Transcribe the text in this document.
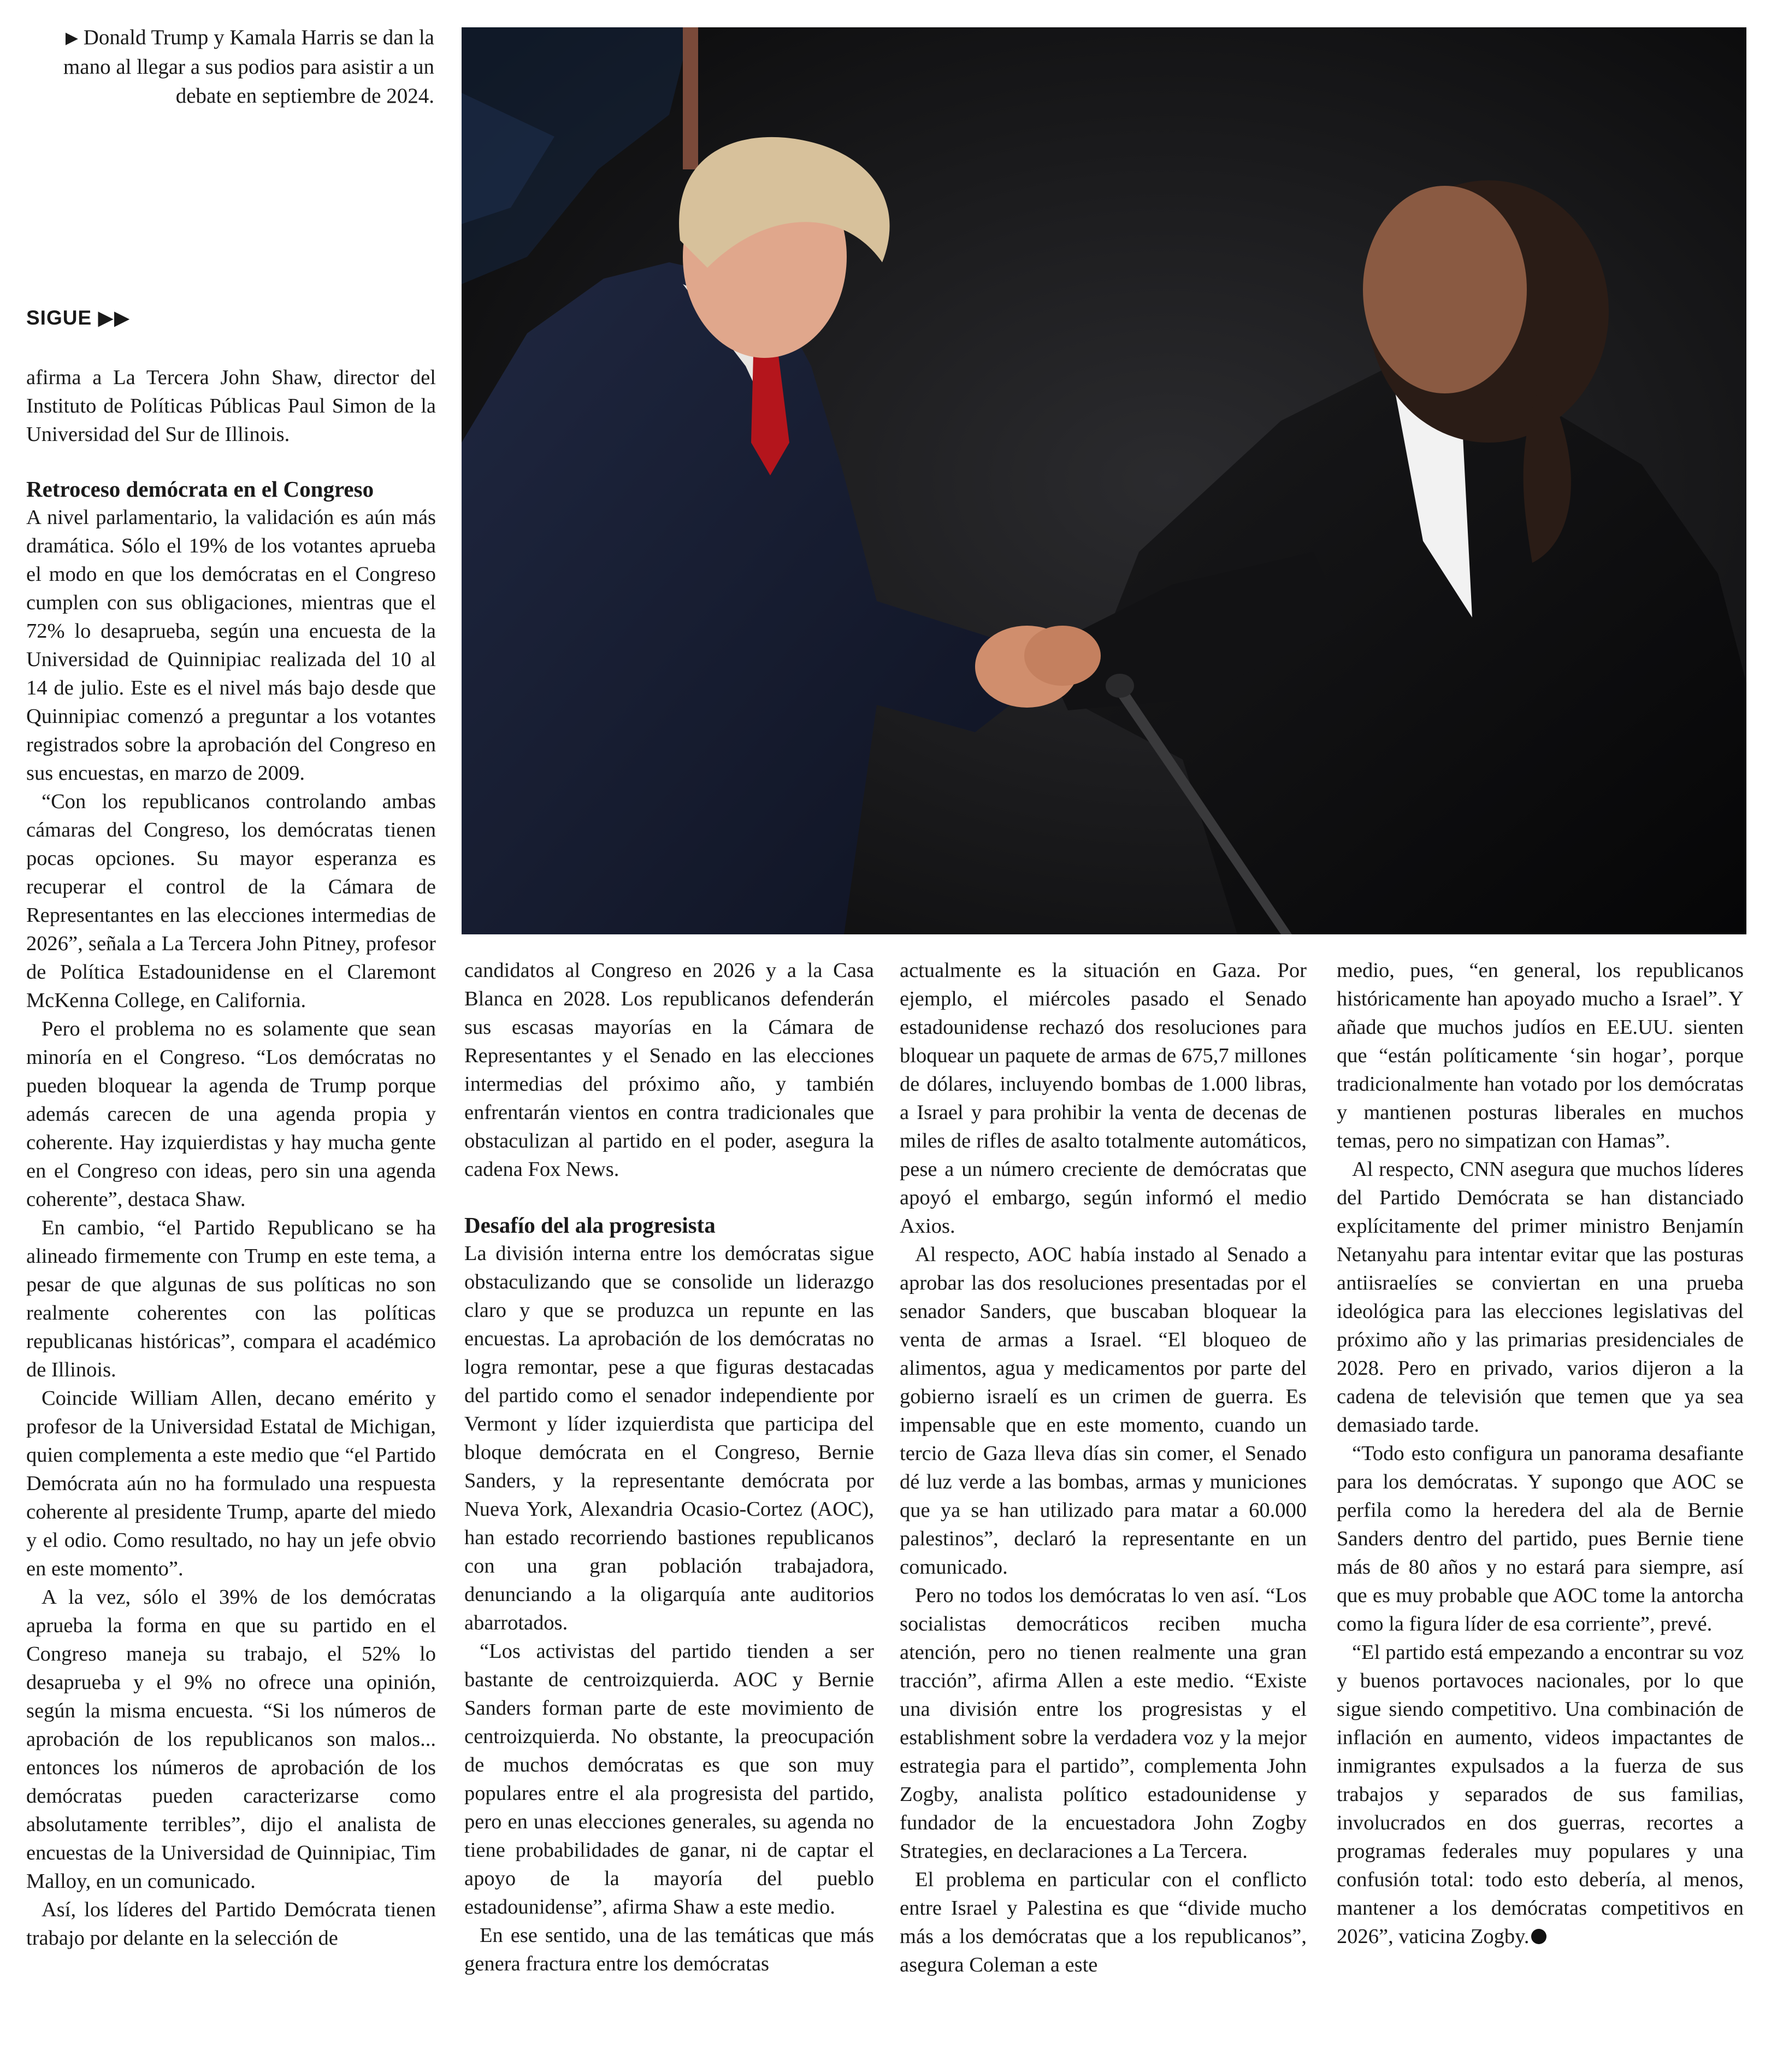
▶ Donald Trump y Kamala Harris se dan la mano al llegar a sus podios para asistir a un debate en septiembre de 2024.
SIGUE ▶▶

afirma a La Tercera John Shaw, director del Instituto de Políticas Públicas Paul Simon de la Universidad del Sur de Illinois.

Retroceso demócrata en el Congreso

A nivel parlamentario, la validación es aún más dramática. Sólo el 19% de los votantes aprueba el modo en que los demócratas en el Congreso cumplen con sus obligaciones, mientras que el 72% lo desaprueba, según una encuesta de la Universidad de Quinnipiac realizada del 10 al 14 de julio. Este es el nivel más bajo desde que Quinnipiac comenzó a preguntar a los votantes registrados sobre la aprobación del Congreso en sus encuestas, en marzo de 2009.

“Con los republicanos controlando ambas cámaras del Congreso, los demócratas tienen pocas opciones. Su mayor esperanza es recuperar el control de la Cámara de Representantes en las elecciones intermedias de 2026”, señala a La Tercera John Pitney, profesor de Política Estadounidense en el Claremont McKenna College, en California.

Pero el problema no es solamente que sean minoría en el Congreso. “Los demócratas no pueden bloquear la agenda de Trump porque además carecen de una agenda propia y coherente. Hay izquierdistas y hay mucha gente en el Congreso con ideas, pero sin una agenda coherente”, destaca Shaw.

En cambio, “el Partido Republicano se ha alineado firmemente con Trump en este tema, a pesar de que algunas de sus políticas no son realmente coherentes con las políticas republicanas históricas”, compara el académico de Illinois.

Coincide William Allen, decano emérito y profesor de la Universidad Estatal de Michigan, quien complementa a este medio que “el Partido Demócrata aún no ha formulado una respuesta coherente al presidente Trump, aparte del miedo y el odio. Como resultado, no hay un jefe obvio en este momento”.

A la vez, sólo el 39% de los demócratas aprueba la forma en que su partido en el Congreso maneja su trabajo, el 52% lo desaprueba y el 9% no ofrece una opinión, según la misma encuesta. “Si los números de aprobación de los republicanos son malos... entonces los números de aprobación de los demócratas pueden caracterizarse como absolutamente terribles”, dijo el analista de encuestas de la Universidad de Quinnipiac, Tim Malloy, en un comunicado.

Así, los líderes del Partido Demócrata tienen trabajo por delante en la selección de

candidatos al Congreso en 2026 y a la Casa Blanca en 2028. Los republicanos defenderán sus escasas mayorías en la Cámara de Representantes y el Senado en las elecciones intermedias del próximo año, y también enfrentarán vientos en contra tradicionales que obstaculizan al partido en el poder, asegura la cadena Fox News.

Desafío del ala progresista

La división interna entre los demócratas sigue obstaculizando que se consolide un liderazgo claro y que se produzca un repunte en las encuestas. La aprobación de los demócratas no logra remontar, pese a que figuras destacadas del partido como el senador independiente por Vermont y líder izquierdista que participa del bloque demócrata en el Congreso, Bernie Sanders, y la representante demócrata por Nueva York, Alexandria Ocasio-Cortez (AOC), han estado recorriendo bastiones republicanos con una gran población trabajadora, denunciando a la oligarquía ante auditorios abarrotados.

“Los activistas del partido tienden a ser bastante de centroizquierda. AOC y Bernie Sanders forman parte de este movimiento de centroizquierda. No obstante, la preocupación de muchos demócratas es que son muy populares entre el ala progresista del partido, pero en unas elecciones generales, su agenda no tiene probabilidades de ganar, ni de captar el apoyo de la mayoría del pueblo estadounidense”, afirma Shaw a este medio.

En ese sentido, una de las temáticas que más genera fractura entre los demócratas

actualmente es la situación en Gaza. Por ejemplo, el miércoles pasado el Senado estadounidense rechazó dos resoluciones para bloquear un paquete de armas de 675,7 millones de dólares, incluyendo bombas de 1.000 libras, a Israel y para prohibir la venta de decenas de miles de rifles de asalto totalmente automáticos, pese a un número creciente de demócratas que apoyó el embargo, según informó el medio Axios.

Al respecto, AOC había instado al Senado a aprobar las dos resoluciones presentadas por el senador Sanders, que buscaban bloquear la venta de armas a Israel. “El bloqueo de alimentos, agua y medicamentos por parte del gobierno israelí es un crimen de guerra. Es impensable que en este momento, cuando un tercio de Gaza lleva días sin comer, el Senado dé luz verde a las bombas, armas y municiones que ya se han utilizado para matar a 60.000 palestinos”, declaró la representante en un comunicado.

Pero no todos los demócratas lo ven así. “Los socialistas democráticos reciben mucha atención, pero no tienen realmente una gran tracción”, afirma Allen a este medio. “Existe una división entre los progresistas y el establishment sobre la verdadera voz y la mejor estrategia para el partido”, complementa John Zogby, analista político estadounidense y fundador de la encuestadora John Zogby Strategies, en declaraciones a La Tercera.

El problema en particular con el conflicto entre Israel y Palestina es que “divide mucho más a los demócratas que a los republicanos”, asegura Coleman a este

medio, pues, “en general, los republicanos históricamente han apoyado mucho a Israel”. Y añade que muchos judíos en EE.UU. sienten que “están políticamente ‘sin hogar’, porque tradicionalmente han votado por los demócratas y mantienen posturas liberales en muchos temas, pero no simpatizan con Hamas”.

Al respecto, CNN asegura que muchos líderes del Partido Demócrata se han distanciado explícitamente del primer ministro Benjamín Netanyahu para intentar evitar que las posturas antiisraelíes se conviertan en una prueba ideológica para las elecciones legislativas del próximo año y las primarias presidenciales de 2028. Pero en privado, varios dijeron a la cadena de televisión que temen que ya sea demasiado tarde.

“Todo esto configura un panorama desafiante para los demócratas. Y supongo que AOC se perfila como la heredera del ala de Bernie Sanders dentro del partido, pues Bernie tiene más de 80 años y no estará para siempre, así que es muy probable que AOC tome la antorcha como la figura líder de esa corriente”, prevé.

“El partido está empezando a encontrar su voz y buenos portavoces nacionales, por lo que sigue siendo competitivo. Una combinación de inflación en aumento, videos impactantes de inmigrantes expulsados a la fuerza de sus trabajos y separados de sus familias, involucrados en dos guerras, recortes a programas federales muy populares y una confusión total: todo esto debería, al menos, mantener a los demócratas competitivos en 2026”, vaticina Zogby.
